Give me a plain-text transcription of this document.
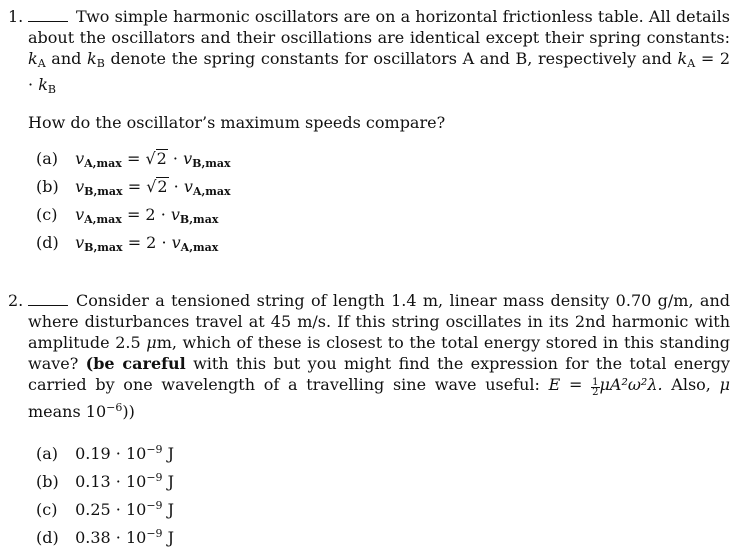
1.	Two simple harmonic oscillators are on a horizontal frictionless table. All details about the oscillators and their oscillations are identical except their spring constants: $k_A$ and $k_B$ denote the spring constants for oscillators A and B, respectively and $k_A = 2 \cdot k_B$
How do the oscillator’s maximum speeds compare?
(a) vA,max = √2 · vB,max
(b) vB,max = √2 · vA,max
(c) vA,max = 2 · vB,max
(d) vB,max = 2 · vA,max
2.	Consider a tensioned string of length 1.4 m, linear mass density 0.70 g/m, and where disturbances travel at 45 m/s. If this string oscillates in its 2nd harmonic with amplitude 2.5 μm, which of these is closest to the total energy stored in this standing wave? (be careful with this but you might find the expression for the total energy carried by one wavelength of a travelling sine wave useful: $E = \frac{1}{2} \mu A^2\omega^2\lambda$. Also, μ means $10^{-6}$))
(a) $0.19 \cdot 10^{-9}$ J
(b) $0.13 \cdot 10^{-9}$ J
(c) $0.25 \cdot 10^{-9}$ J
(d) $0.38 \cdot 10^{-9}$ J
